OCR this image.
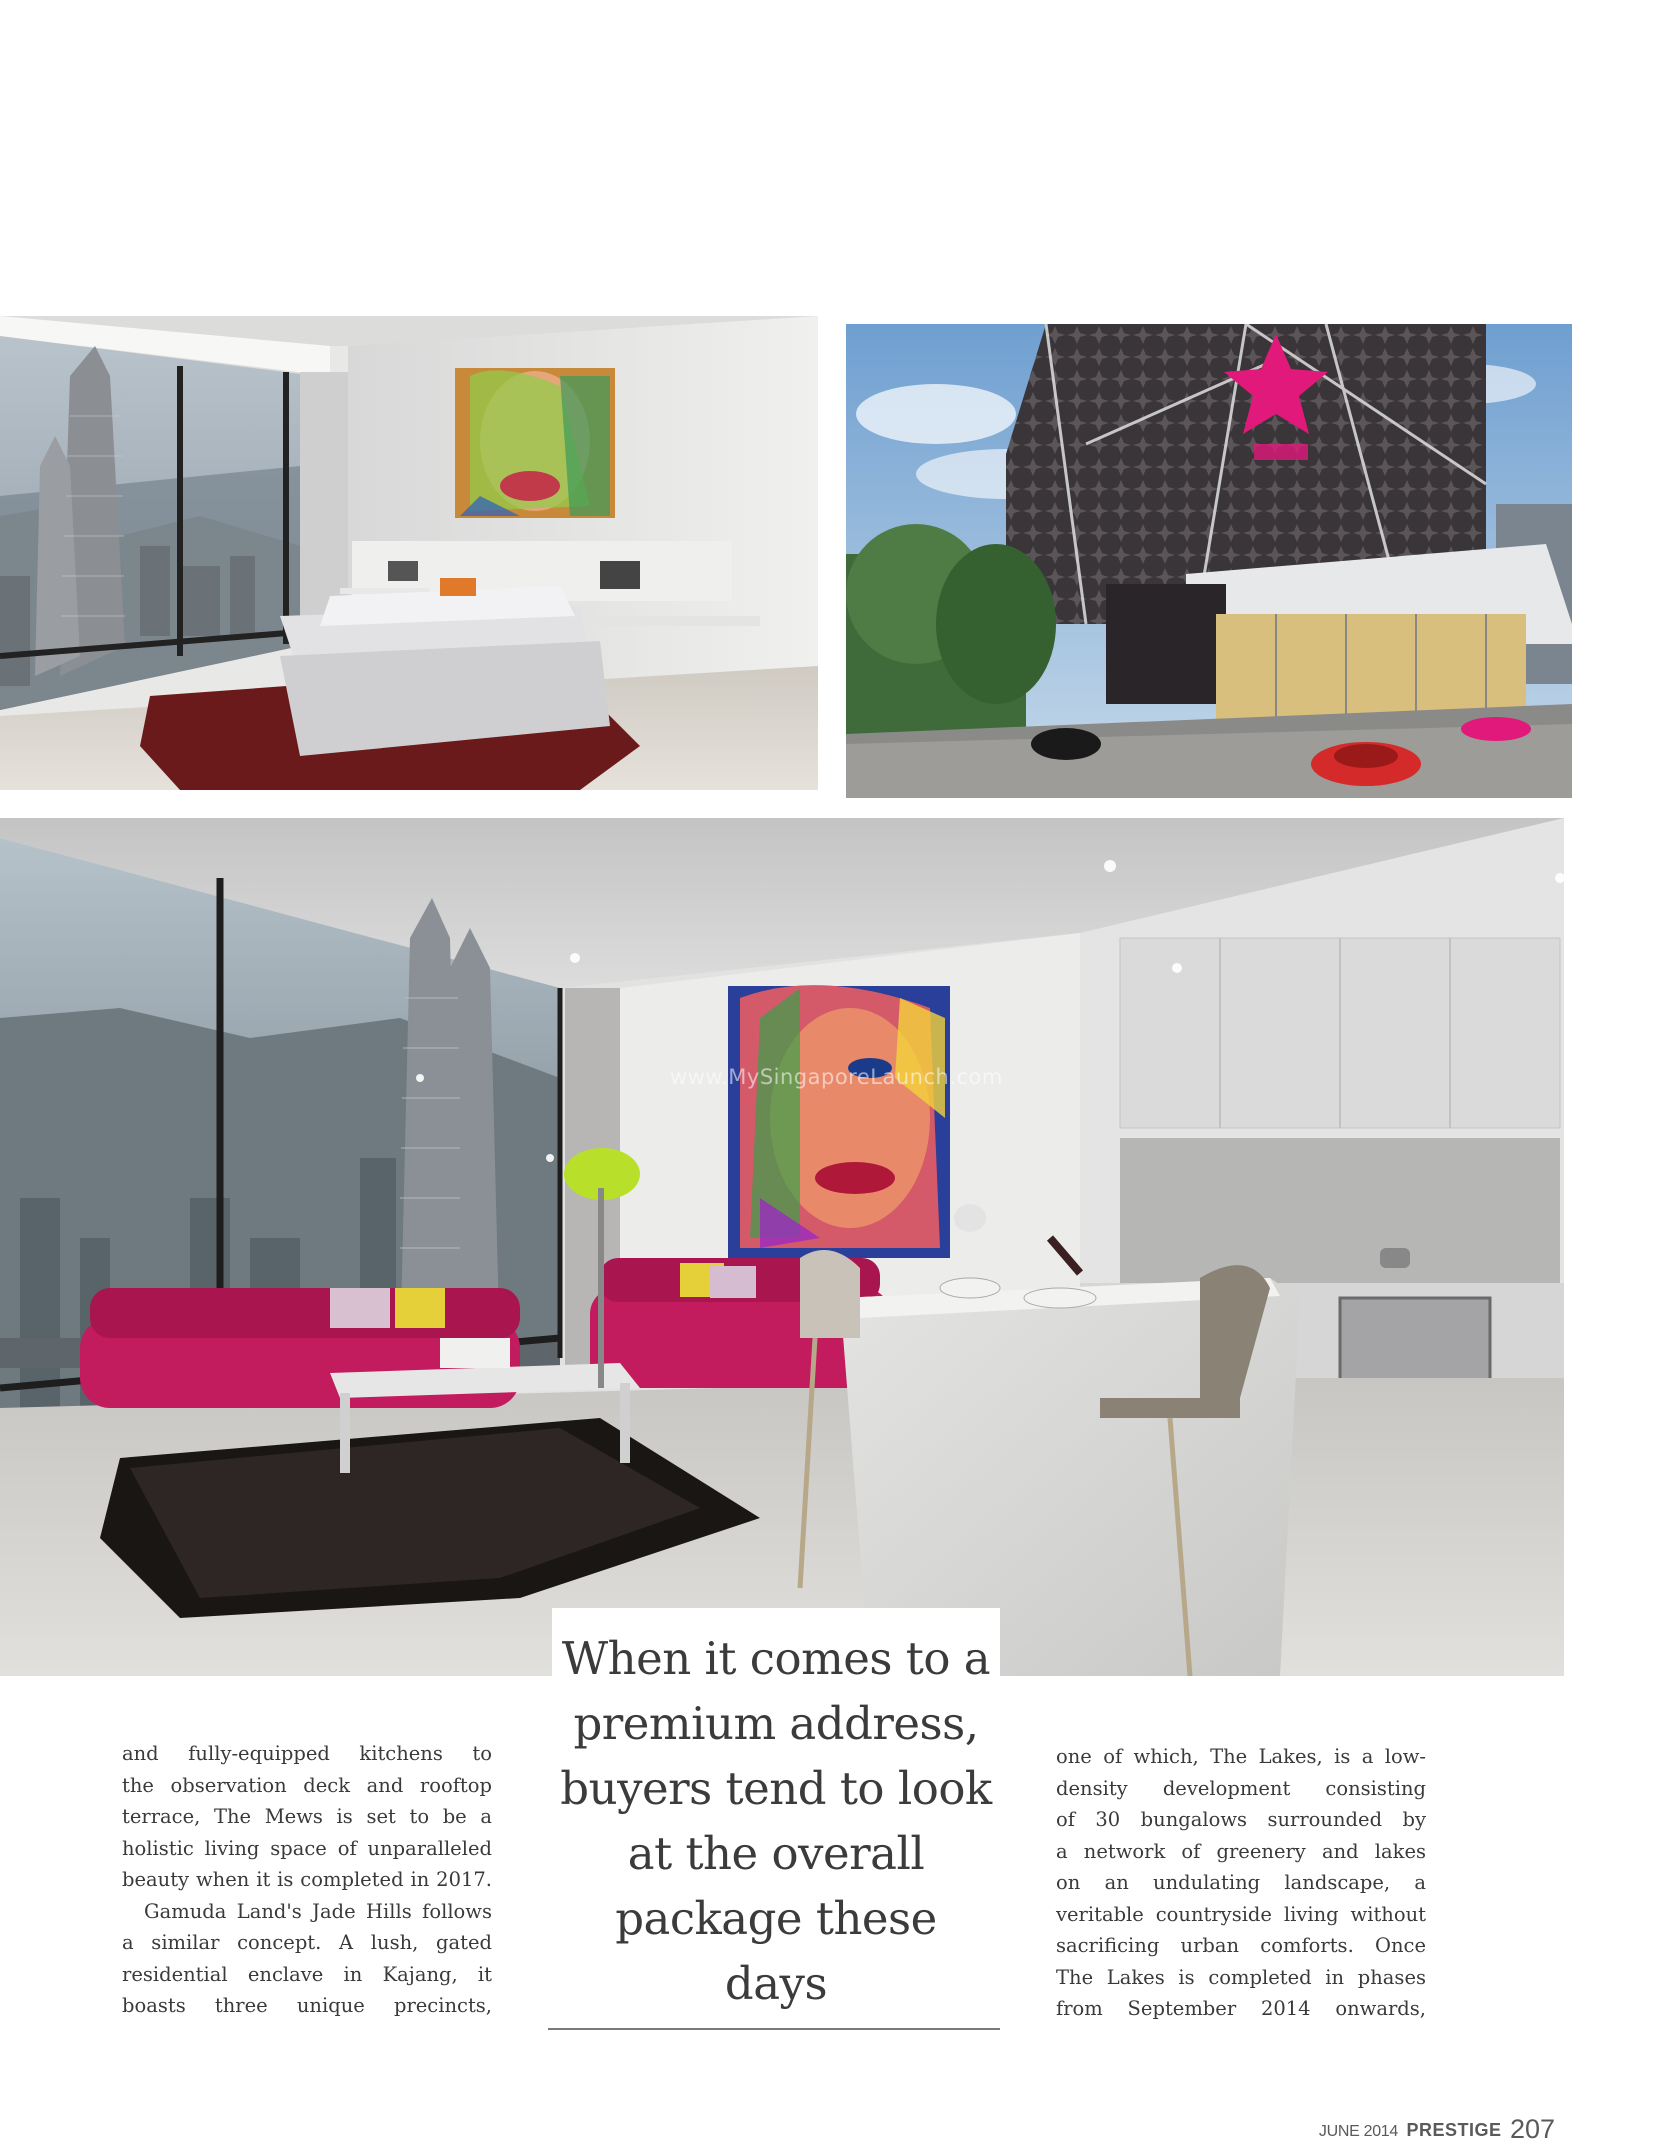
www.MySingaporeLaunch.com
When it comes to a
premium address,
buyers tend to look
at the overall
package these
days
and fully-equipped kitchens to
the observation deck and rooftop
terrace, The Mews is set to be a
holistic living space of unparalleled
beauty when it is completed in 2017.
Gamuda Land's Jade Hills follows
a similar concept. A lush, gated
residential enclave in Kajang, it
boasts three unique precincts,
one of which, The Lakes, is a low-
density development consisting
of 30 bungalows surrounded by
a network of greenery and lakes
on an undulating landscape, a
veritable countryside living without
sacrificing urban comforts. Once
The Lakes is completed in phases
from September 2014 onwards,
JUNE 2014 PRESTIGE 207
